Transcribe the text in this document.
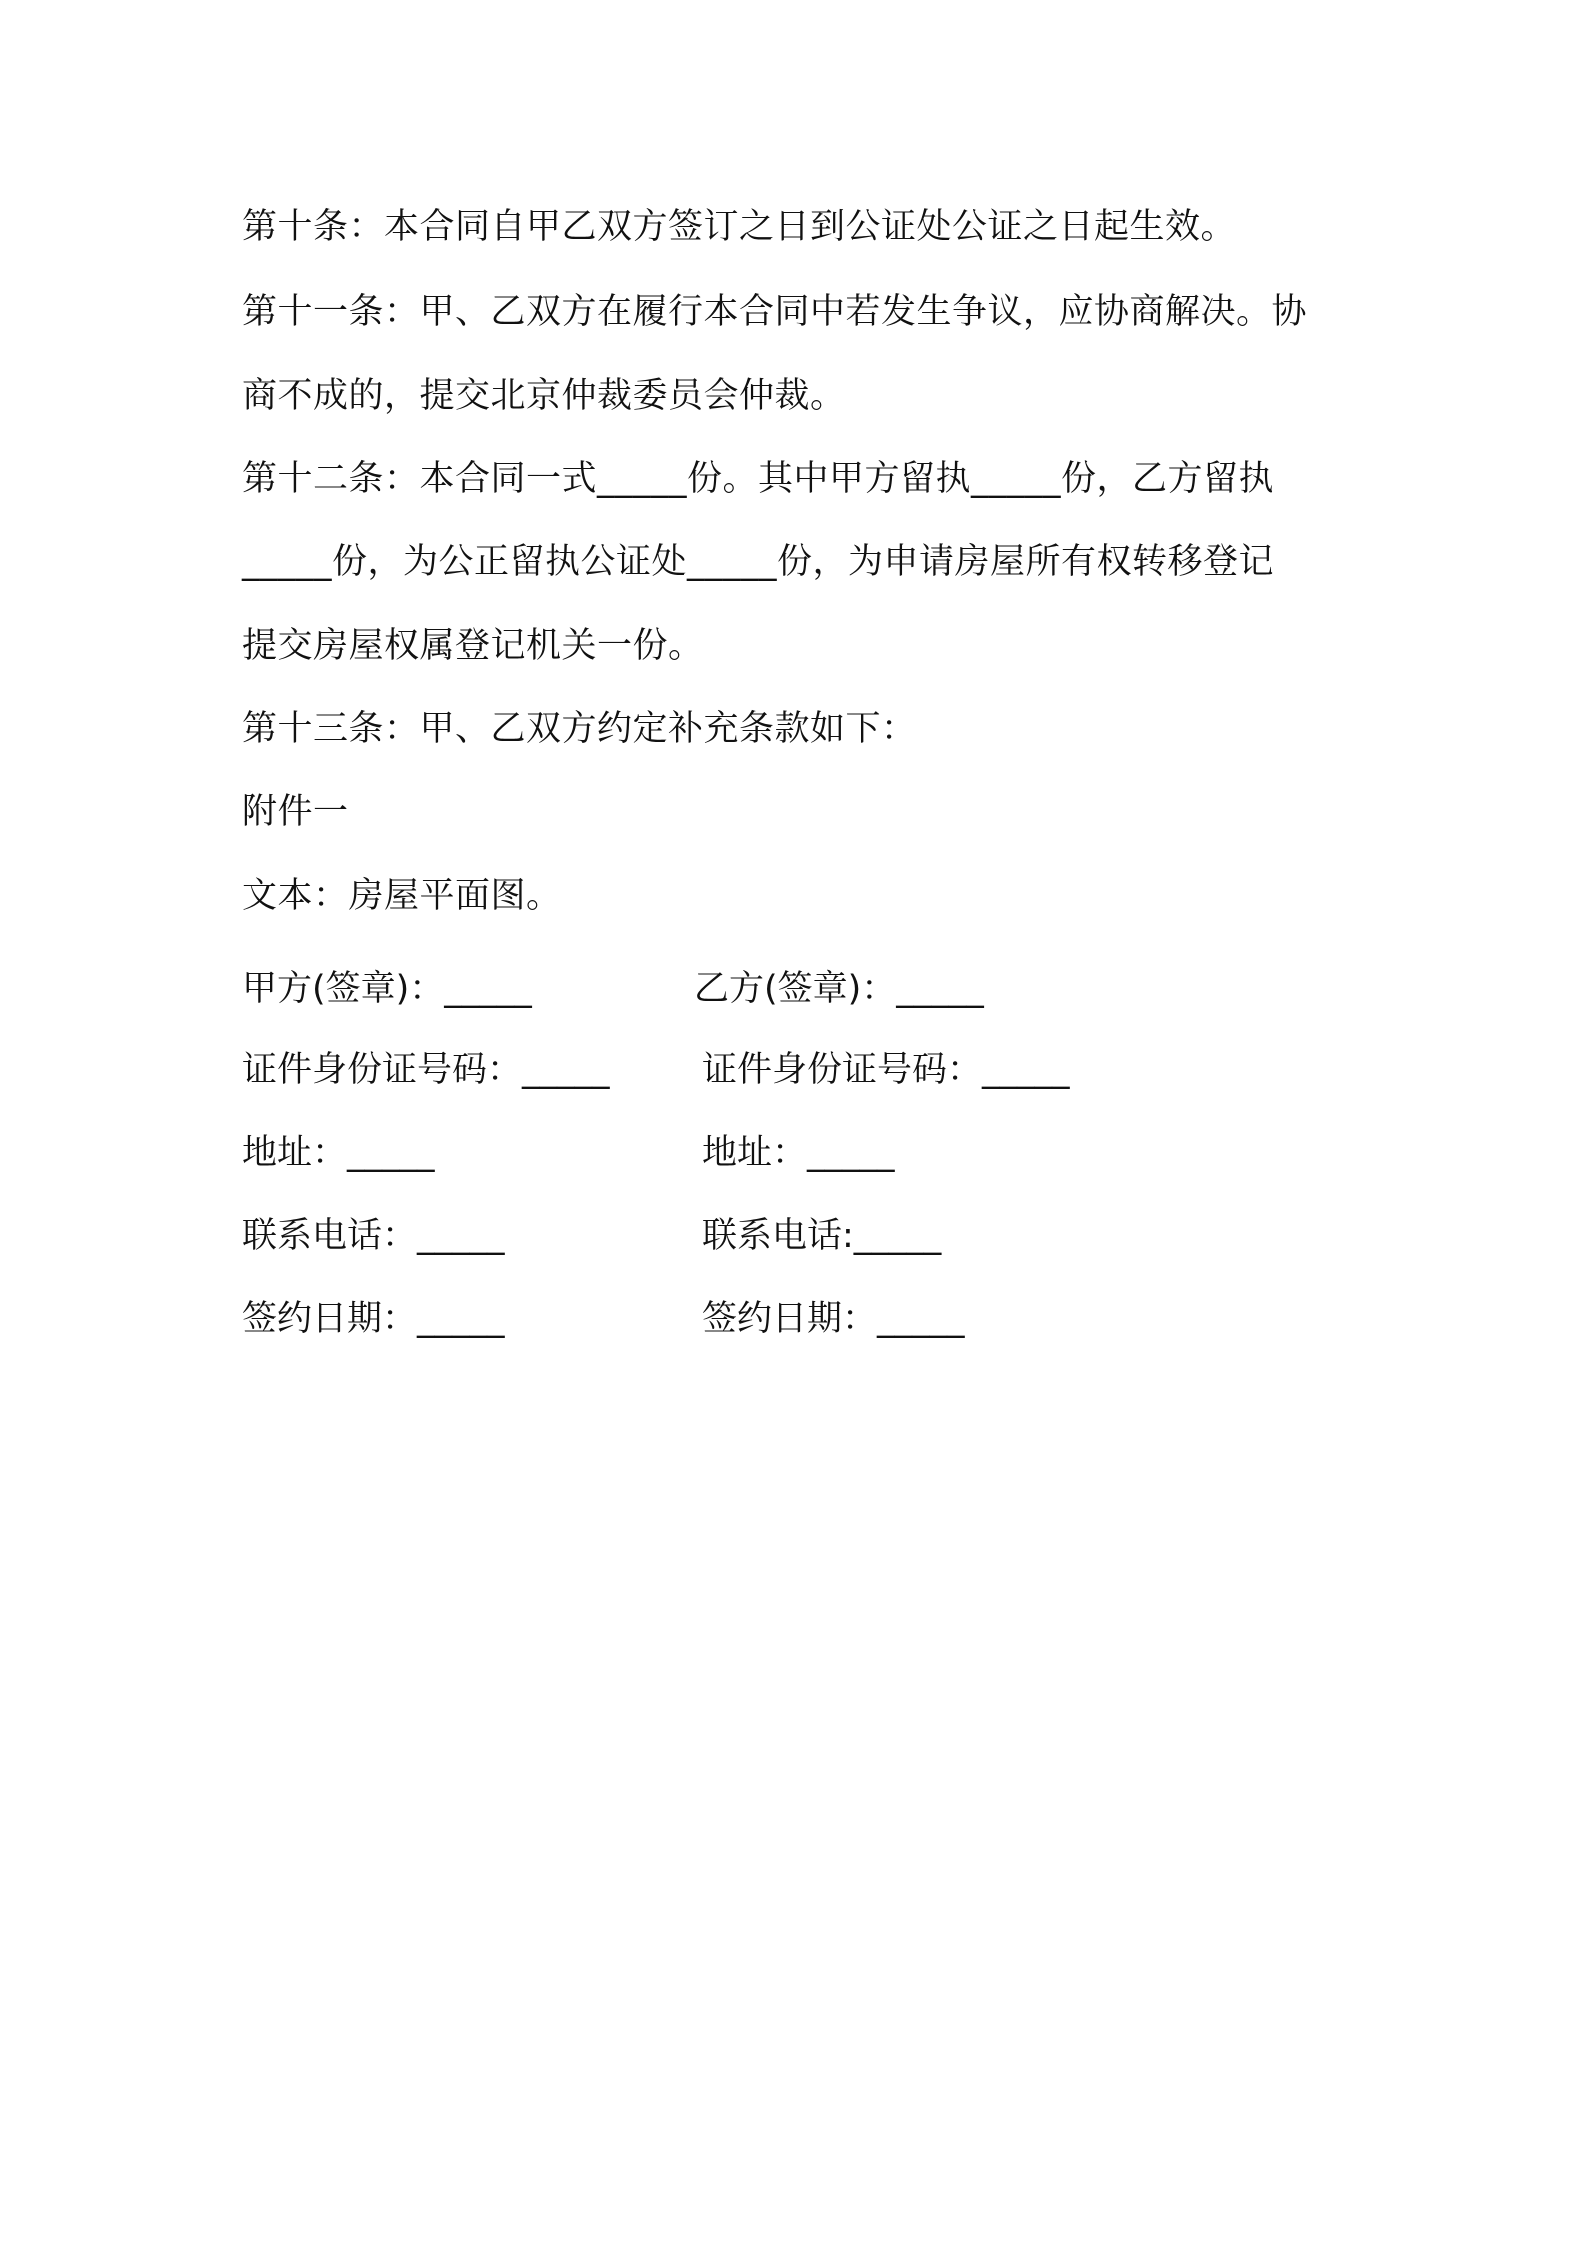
第十条：本合同自甲乙双方签订之日到公证处公证之日起生效。
第十一条：甲、乙双方在履行本合同中若发生争议，应协商解决。协
商不成的，提交北京仲裁委员会仲裁。
第十二条：本合同一式_____份。其中甲方留执_____份，乙方留执
_____份，为公正留执公证处_____份，为申请房屋所有权转移登记
提交房屋权属登记机关一份。
第十三条：甲、乙双方约定补充条款如下：
附件一
文本：房屋平面图。
甲方(签章)：_____	乙方(签章)：_____
证件身份证号码：_____	证件身份证号码：_____
地址：_____	地址：_____
联系电话：_____	联系电话:_____
签约日期：_____	签约日期：_____
